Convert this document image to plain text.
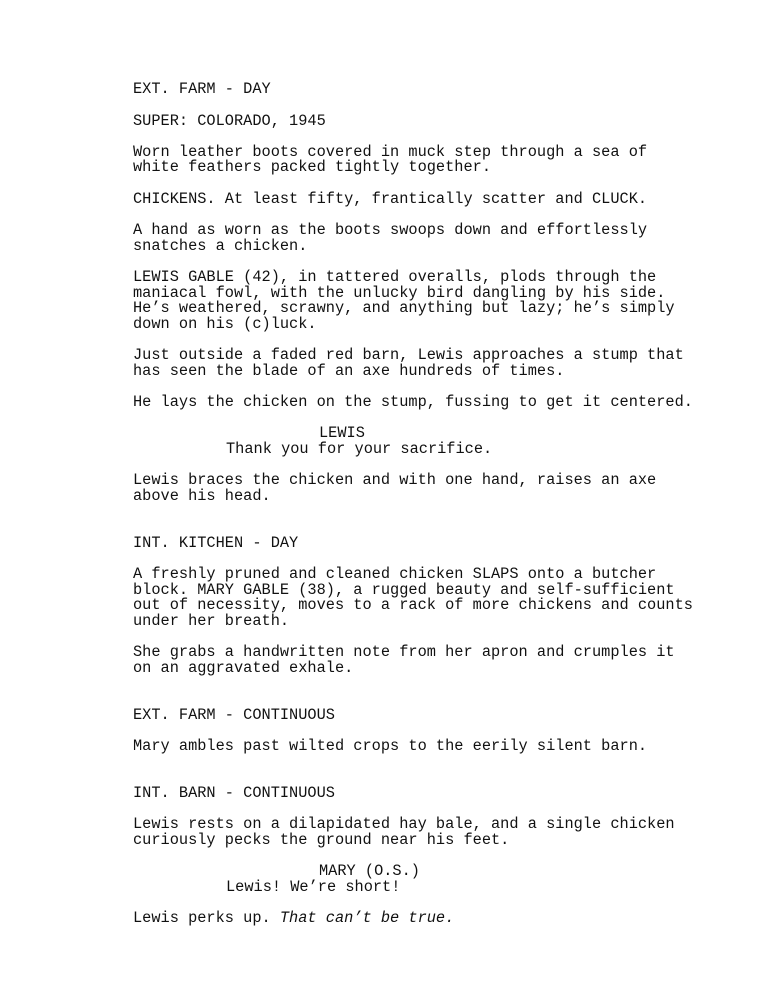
EXT. FARM - DAY
SUPER: COLORADO, 1945
Worn leather boots covered in muck step through a sea of
white feathers packed tightly together.
CHICKENS. At least fifty, frantically scatter and CLUCK.
A hand as worn as the boots swoops down and effortlessly
snatches a chicken.
LEWIS GABLE (42), in tattered overalls, plods through the
maniacal fowl, with the unlucky bird dangling by his side.
He’s weathered, scrawny, and anything but lazy; he’s simply
down on his (c)luck.
Just outside a faded red barn, Lewis approaches a stump that
has seen the blade of an axe hundreds of times.
He lays the chicken on the stump, fussing to get it centered.
LEWIS
Thank you for your sacrifice.
Lewis braces the chicken and with one hand, raises an axe
above his head.
INT. KITCHEN - DAY
A freshly pruned and cleaned chicken SLAPS onto a butcher
block. MARY GABLE (38), a rugged beauty and self-sufficient
out of necessity, moves to a rack of more chickens and counts
under her breath.
She grabs a handwritten note from her apron and crumples it
on an aggravated exhale.
EXT. FARM - CONTINUOUS
Mary ambles past wilted crops to the eerily silent barn.
INT. BARN - CONTINUOUS
Lewis rests on a dilapidated hay bale, and a single chicken
curiously pecks the ground near his feet.
MARY (O.S.)
Lewis! We’re short!
Lewis perks up. That can’t be true.
